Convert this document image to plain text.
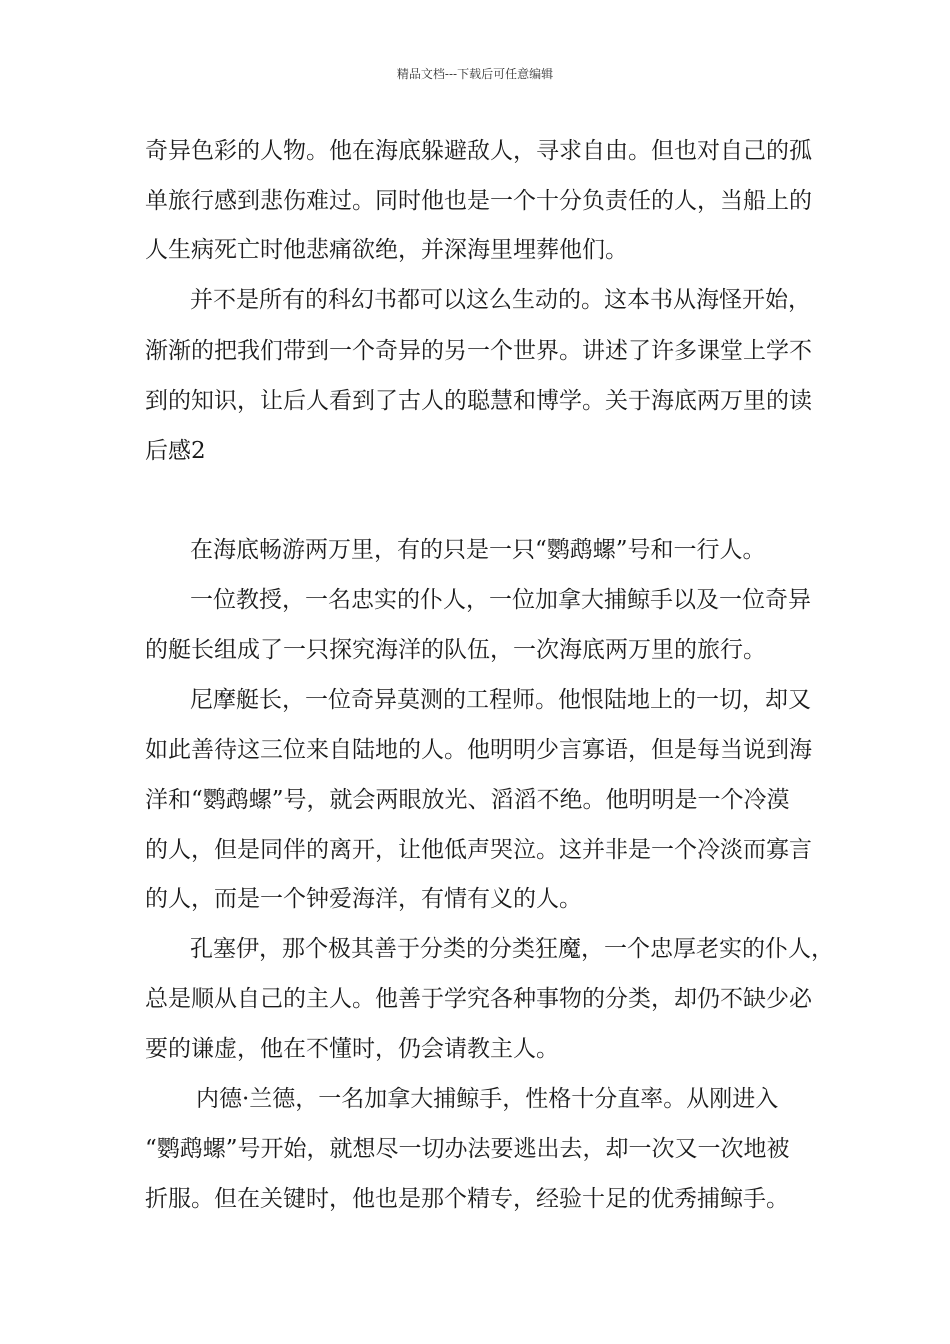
精品文档---下载后可任意编辑
奇异色彩的人物。他在海底躲避敌人，寻求自由。但也对自己的孤
单旅行感到悲伤难过。同时他也是一个十分负责任的人，当船上的
人生病死亡时他悲痛欲绝，并深海里埋葬他们。
并不是所有的科幻书都可以这么生动的。这本书从海怪开始，
渐渐的把我们带到一个奇异的另一个世界。讲述了许多课堂上学不
到的知识，让后人看到了古人的聪慧和博学。关于海底两万里的读
后感2
在海底畅游两万里，有的只是一只“鹦鹉螺”号和一行人。
一位教授，一名忠实的仆人，一位加拿大捕鲸手以及一位奇异
的艇长组成了一只探究海洋的队伍，一次海底两万里的旅行。
尼摩艇长，一位奇异莫测的工程师。他恨陆地上的一切，却又
如此善待这三位来自陆地的人。他明明少言寡语，但是每当说到海
洋和“鹦鹉螺”号，就会两眼放光、滔滔不绝。他明明是一个冷漠
的人，但是同伴的离开，让他低声哭泣。这并非是一个冷淡而寡言
的人，而是一个钟爱海洋，有情有义的人。
孔塞伊，那个极其善于分类的分类狂魔，一个忠厚老实的仆人，
总是顺从自己的主人。他善于学究各种事物的分类，却仍不缺少必
要的谦虚，他在不懂时，仍会请教主人。
内德·兰德，一名加拿大捕鲸手，性格十分直率。从刚进入
“鹦鹉螺”号开始，就想尽一切办法要逃出去，却一次又一次地被
折服。但在关键时，他也是那个精专，经验十足的优秀捕鲸手。
